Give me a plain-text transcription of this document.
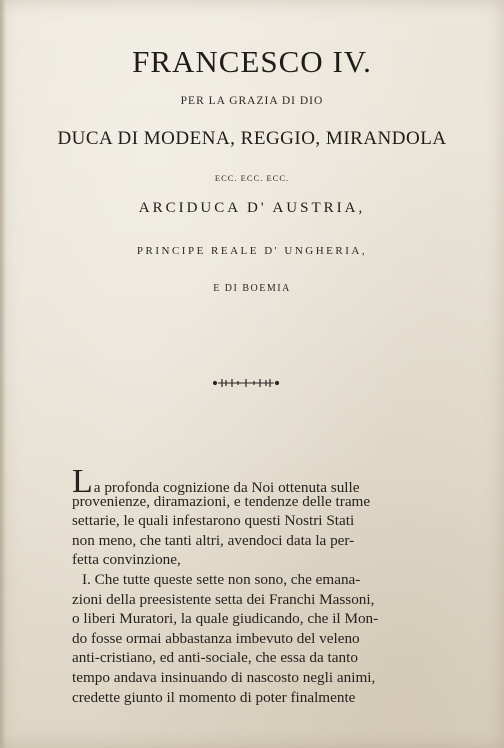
FRANCESCO IV.
PER LA GRAZIA DI DIO
DUCA DI MODENA, REGGIO, MIRANDOLA
ECC. ECC. ECC.
ARCIDUCA D' AUSTRIA,
PRINCIPE REALE D' UNGHERIA,
E DI BOEMIA
La profonda cognizione da Noi ottenuta sulle
provenienze, diramazioni, e tendenze delle trame
settarie, le quali infestarono questi Nostri Stati
non meno, che tanti altri, avendoci data la per-
fetta convinzione,
I. Che tutte queste sette non sono, che emana-
zioni della preesistente setta dei Franchi Massoni,
o liberi Muratori, la quale giudicando, che il Mon-
do fosse ormai abbastanza imbevuto del veleno
anti-cristiano, ed anti-sociale, che essa da tanto
tempo andava insinuando di nascosto negli animi,
credette giunto il momento di poter finalmente
